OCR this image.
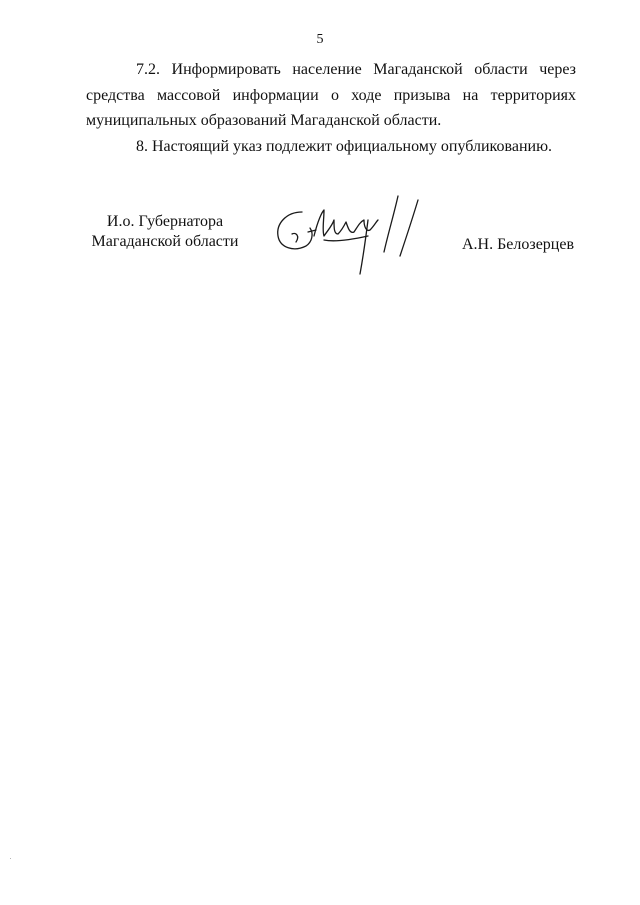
5

7.2. Информировать население Магаданской области через средства массовой информации о ходе призыва на территориях муниципальных образований Магаданской области.

8. Настоящий указ подлежит официальному опубликованию.

И.о. Губернатора
Магаданской области	А.Н. Белозерцев
